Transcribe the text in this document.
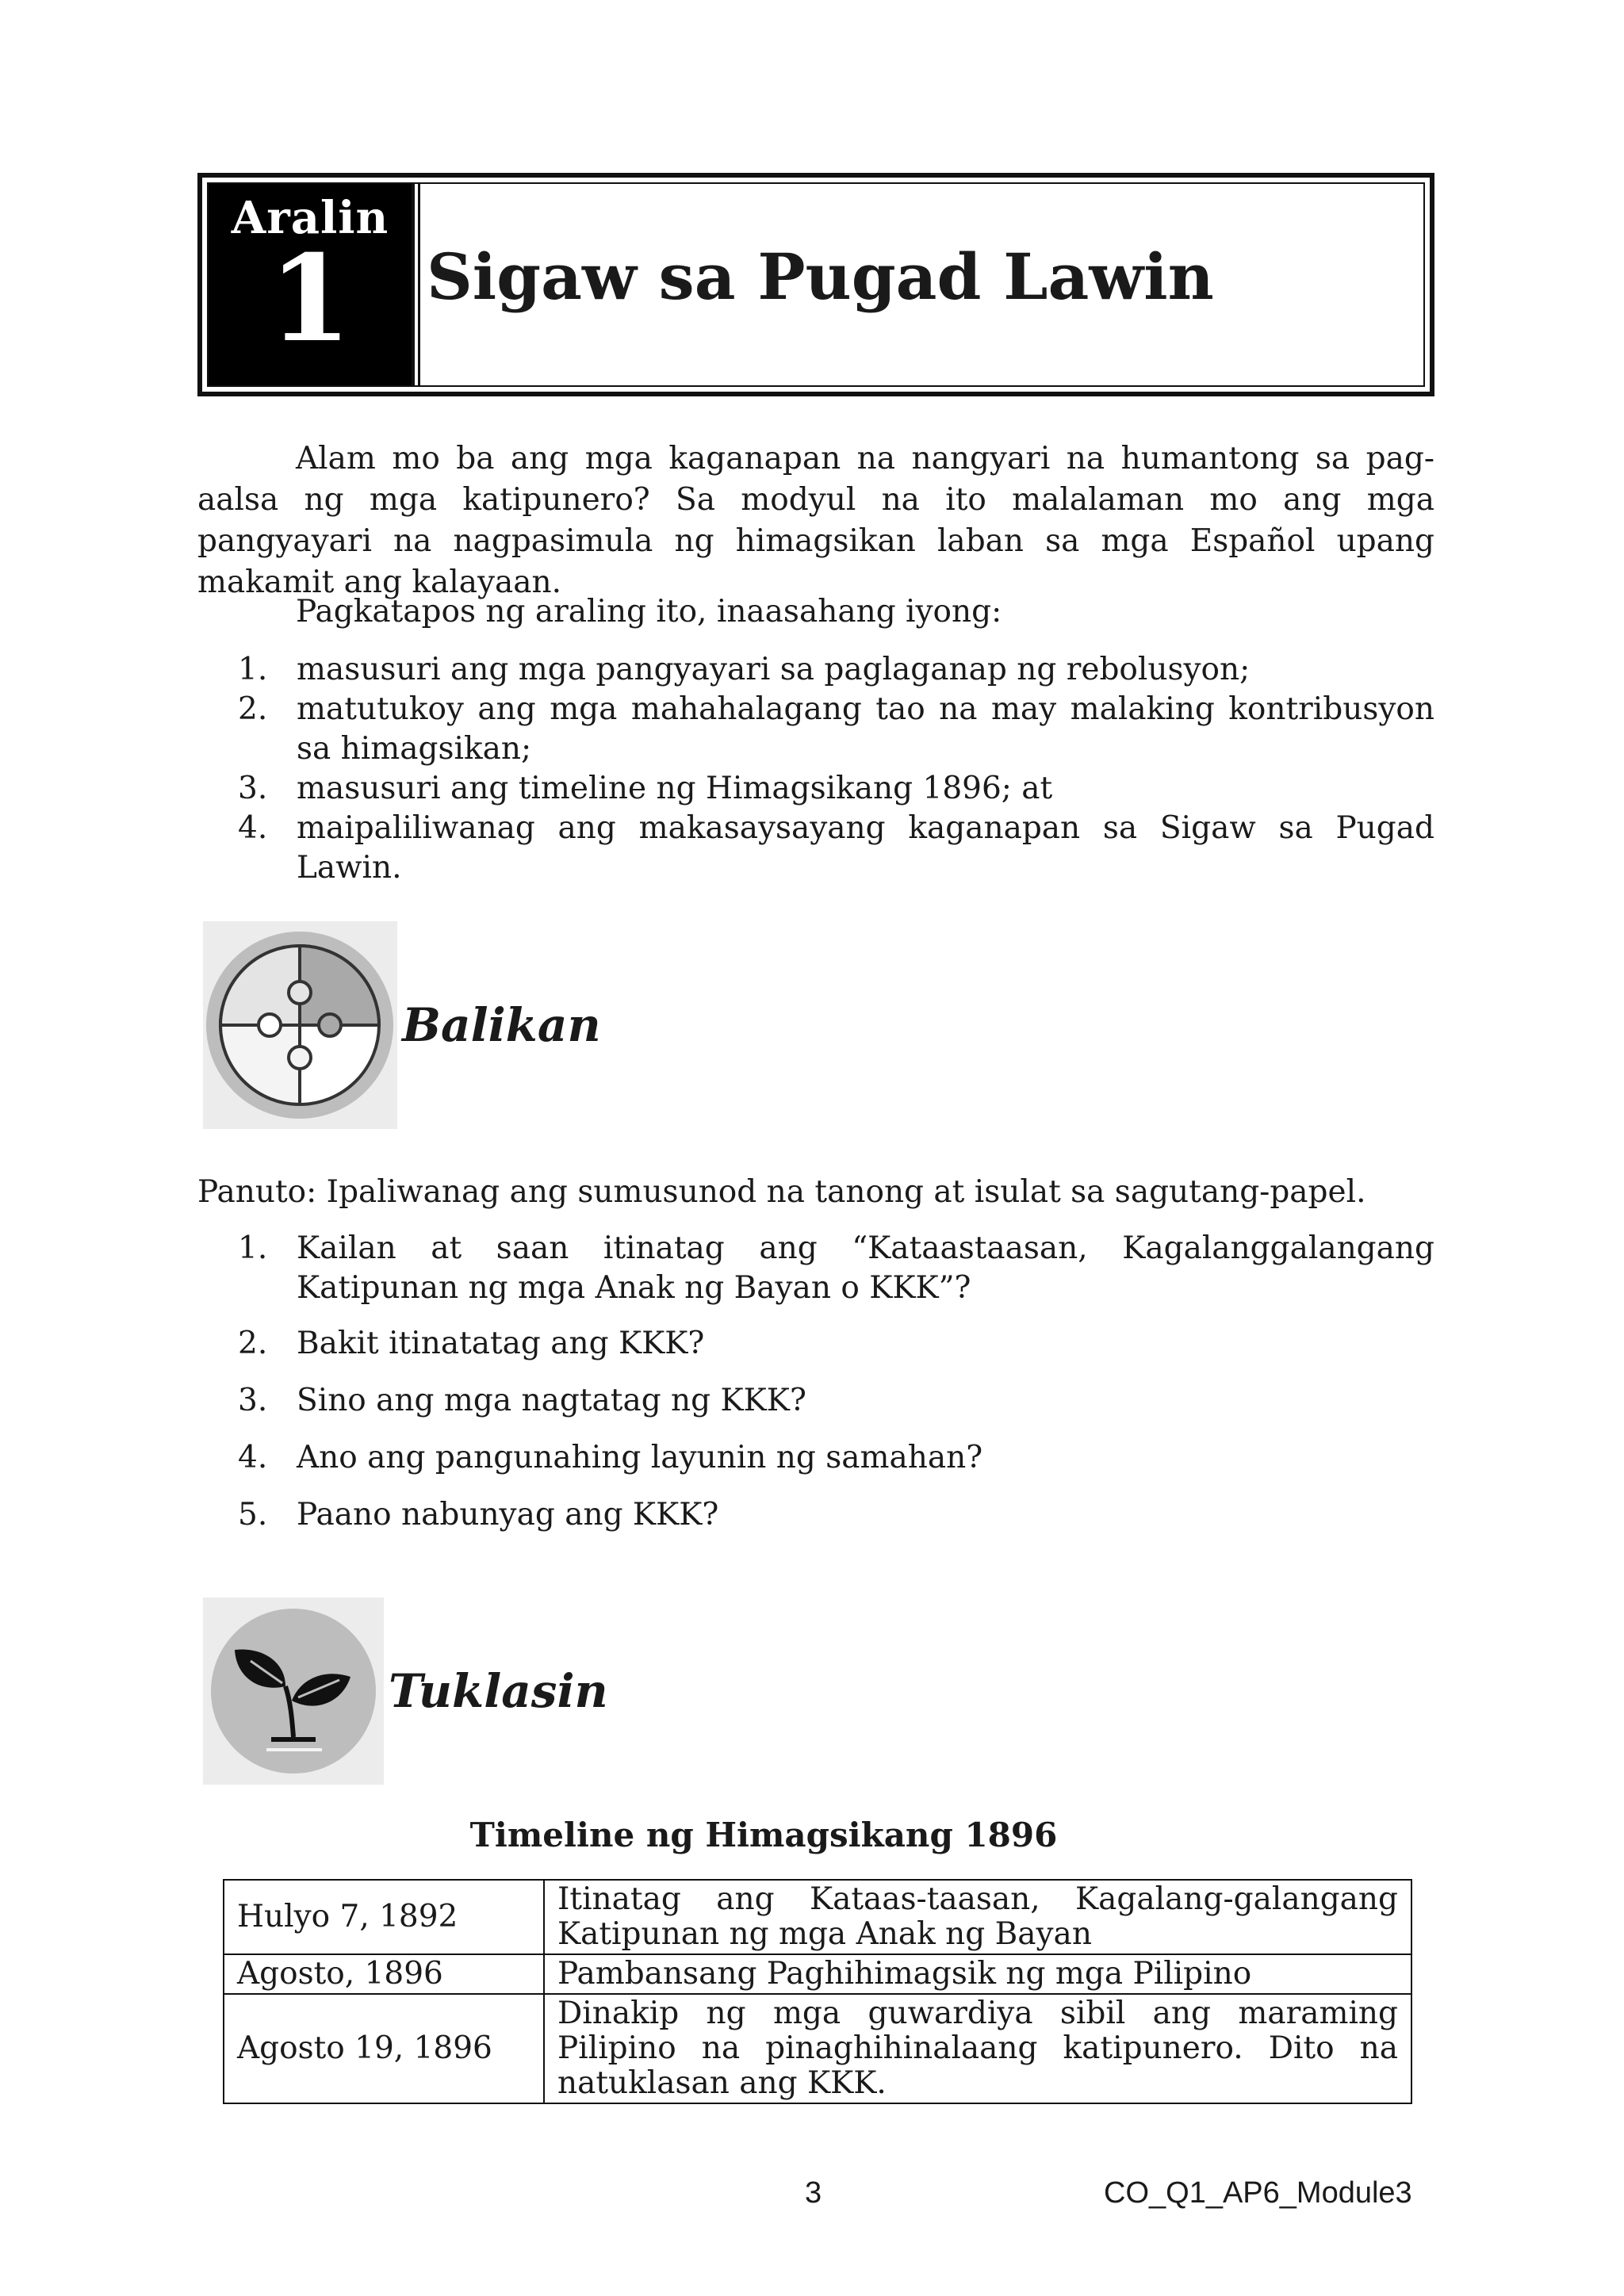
Aralin
1 Sigaw sa Pugad Lawin

Alam mo ba ang mga kaganapan na nangyari na humantong sa pag-aalsa ng mga katipunero? Sa modyul na ito malalaman mo ang mga pangyayari na nagpasimula ng himagsikan laban sa mga Español upang makamit ang kalayaan.

Pagkatapos ng araling ito, inaasahang iyong:

1. masusuri ang mga pangyayari sa paglaganap ng rebolusyon;
2. matutukoy ang mga mahahalagang tao na may malaking kontribusyon sa himagsikan;
3. masusuri ang timeline ng Himagsikang 1896; at
4. maipaliliwanag ang makasaysayang kaganapan sa Sigaw sa Pugad Lawin.
Balikan

Panuto: Ipaliwanag ang sumusunod na tanong at isulat sa sagutang-papel.

1. Kailan at saan itinatag ang “Kataastaasan, Kagalanggalangang Katipunan ng mga Anak ng Bayan o KKK”?
2. Bakit itinatatag ang KKK?
3. Sino ang mga nagtatag ng KKK?
4. Ano ang pangunahing layunin ng samahan?
5. Paano nabunyag ang KKK?
Tuklasin
Timeline ng Himagsikang 1896
Hulyo 7, 1892	Itinatag ang Kataas-taasan, Kagalang-galangang Katipunan ng mga Anak ng Bayan
Agosto, 1896	Pambansang Paghihimagsik ng mga Pilipino
Agosto 19, 1896	Dinakip ng mga guwardiya sibil ang maraming Pilipino na pinaghihinalaang katipunero. Dito na natuklasan ang KKK.
3	CO_Q1_AP6_Module3
